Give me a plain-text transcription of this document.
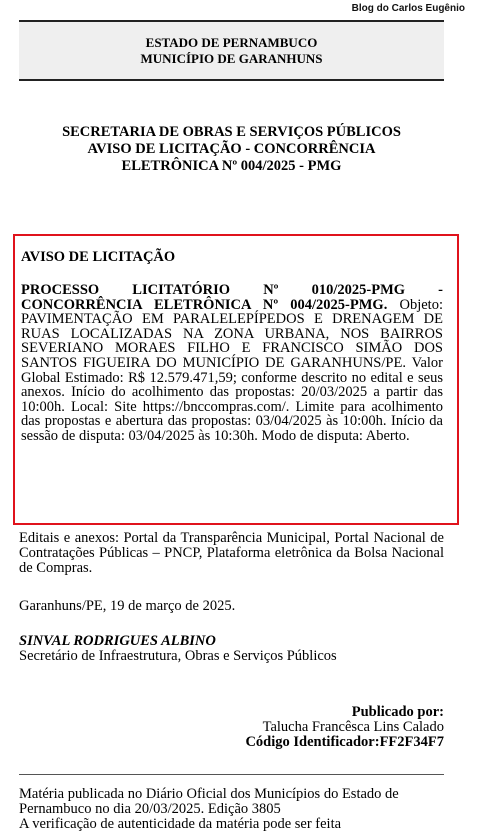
Blog do Carlos Eugênio
ESTADO DE PERNAMBUCO
MUNICÍPIO DE GARANHUNS
SECRETARIA DE OBRAS E SERVIÇOS PÚBLICOS
AVISO DE LICITAÇÃO - CONCORRÊNCIA
ELETRÔNICA Nº 004/2025 - PMG
AVISO DE LICITAÇÃO
PROCESSO LICITATÓRIO Nº 010/2025-PMG - CONCORRÊNCIA ELETRÔNICA Nº 004/2025-PMG. Objeto: PAVIMENTAÇÃO EM PARALELEPÍPEDOS E DRENAGEM DE RUAS LOCALIZADAS NA ZONA URBANA, NOS BAIRROS SEVERIANO MORAES FILHO E FRANCISCO SIMÃO DOS SANTOS FIGUEIRA DO MUNICÍPIO DE GARANHUNS/PE. Valor Global Estimado: R$ 12.579.471,59; conforme descrito no edital e seus anexos. Início do acolhimento das propostas: 20/03/2025 a partir das 10:00h. Local: Site https://bnccompras.com/. Limite para acolhimento das propostas e abertura das propostas: 03/04/2025 às 10:00h. Início da sessão de disputa: 03/04/2025 às 10:30h. Modo de disputa: Aberto.
Editais e anexos: Portal da Transparência Municipal, Portal Nacional de Contratações Públicas – PNCP, Plataforma eletrônica da Bolsa Nacional de Compras.
Garanhuns/PE, 19 de março de 2025.
SINVAL RODRIGUES ALBINO
Secretário de Infraestrutura, Obras e Serviços Públicos
Publicado por:
Talucha Francêsca Lins Calado
Código Identificador:FF2F34F7
Matéria publicada no Diário Oficial dos Municípios do Estado de Pernambuco no dia 20/03/2025. Edição 3805
A verificação de autenticidade da matéria pode ser feita
